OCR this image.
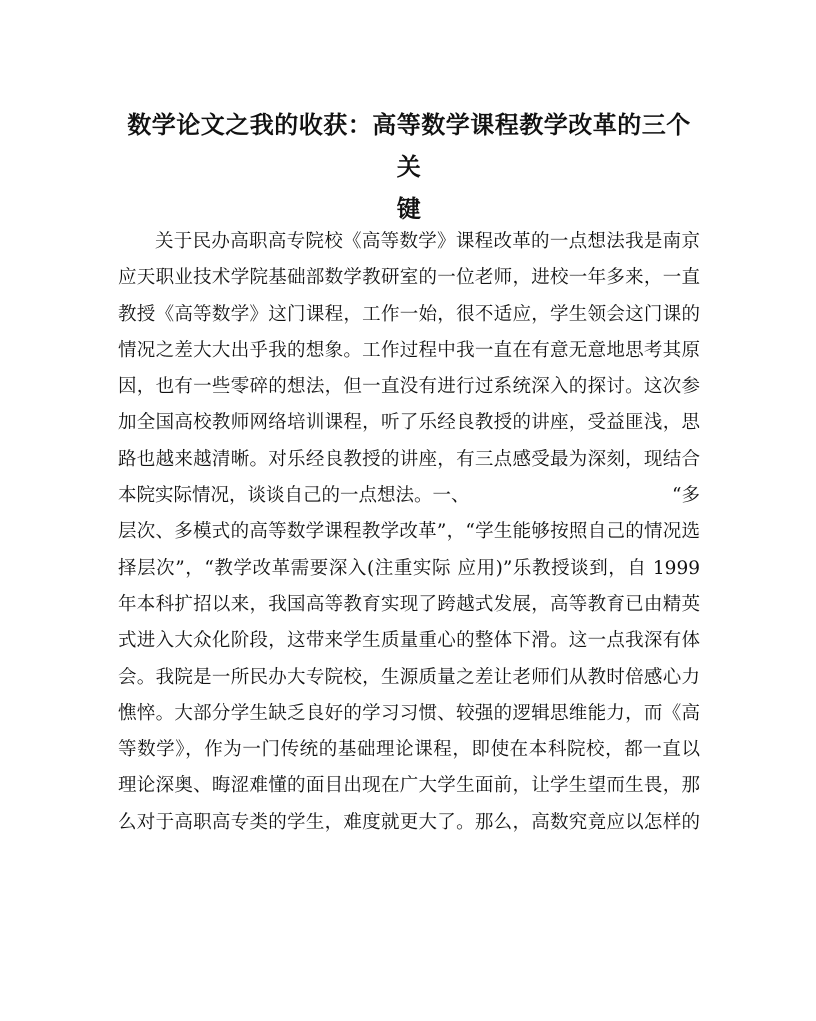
数学论文之我的收获：高等数学课程教学改革的三个关
键
关于民办高职高专院校《高等数学》课程改革的一点想法我是南京
应天职业技术学院基础部数学教研室的一位老师，进校一年多来，一直
教授《高等数学》这门课程，工作一始，很不适应，学生领会这门课的
情况之差大大出乎我的想象。工作过程中我一直在有意无意地思考其原
因，也有一些零碎的想法，但一直没有进行过系统深入的探讨。这次参
加全国高校教师网络培训课程，听了乐经良教授的讲座，受益匪浅，思
路也越来越清晰。对乐经良教授的讲座，有三点感受最为深刻，现结合
本院实际情况，谈谈自己的一点想法。一、	“多
层次、多模式的高等数学课程教学改革”，“学生能够按照自己的情况选
择层次”，“教学改革需要深入(注重实际 应用)”乐教授谈到，自 1999
年本科扩招以来，我国高等教育实现了跨越式发展，高等教育已由精英
式进入大众化阶段，这带来学生质量重心的整体下滑。这一点我深有体
会。我院是一所民办大专院校，生源质量之差让老师们从教时倍感心力
憔悴。大部分学生缺乏良好的学习习惯、较强的逻辑思维能力，而《高
等数学》，作为一门传统的基础理论课程，即使在本科院校，都一直以
理论深奥、晦涩难懂的面目出现在广大学生面前，让学生望而生畏，那
么对于高职高专类的学生，难度就更大了。那么，高数究竟应以怎样的
